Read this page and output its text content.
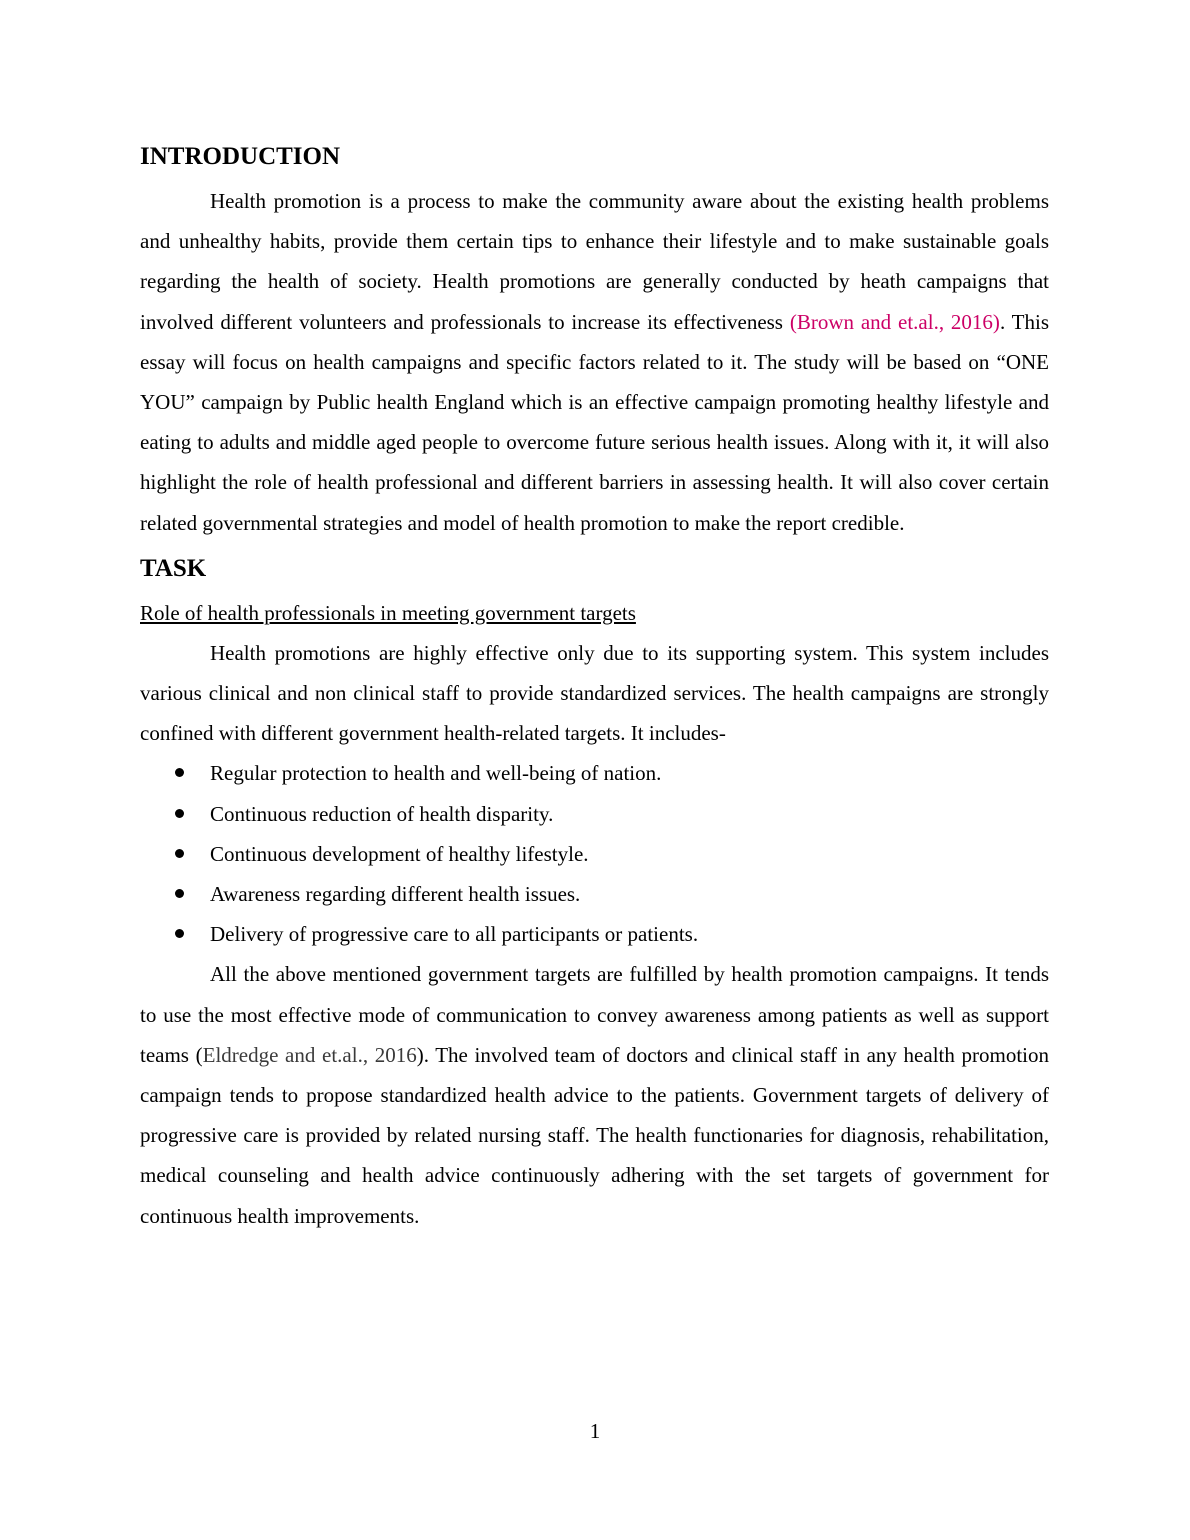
INTRODUCTION

Health promotion is a process to make the community aware about the existing health problems and unhealthy habits, provide them certain tips to enhance their lifestyle and to make sustainable goals regarding the health of society. Health promotions are generally conducted by heath campaigns that involved different volunteers and professionals to increase its effectiveness (Brown and et.al., 2016). This essay will focus on health campaigns and specific factors related to it. The study will be based on “ONE YOU” campaign by Public health England which is an effective campaign promoting healthy lifestyle and eating to adults and middle aged people to overcome future serious health issues. Along with it, it will also highlight the role of health professional and different barriers in assessing health. It will also cover certain related governmental strategies and model of health promotion to make the report credible.

TASK

Role of health professionals in meeting government targets

Health promotions are highly effective only due to its supporting system. This system includes various clinical and non clinical staff to provide standardized services. The health campaigns are strongly confined with different government health-related targets. It includes-

Regular protection to health and well-being of nation.
Continuous reduction of health disparity.
Continuous development of healthy lifestyle.
Awareness regarding different health issues.
Delivery of progressive care to all participants or patients.

All the above mentioned government targets are fulfilled by health promotion campaigns. It tends to use the most effective mode of communication to convey awareness among patients as well as support teams (Eldredge and et.al., 2016). The involved team of doctors and clinical staff in any health promotion campaign tends to propose standardized health advice to the patients. Government targets of delivery of progressive care is provided by related nursing staff. The health functionaries for diagnosis, rehabilitation, medical counseling and health advice continuously adhering with the set targets of government for continuous health improvements.

1
